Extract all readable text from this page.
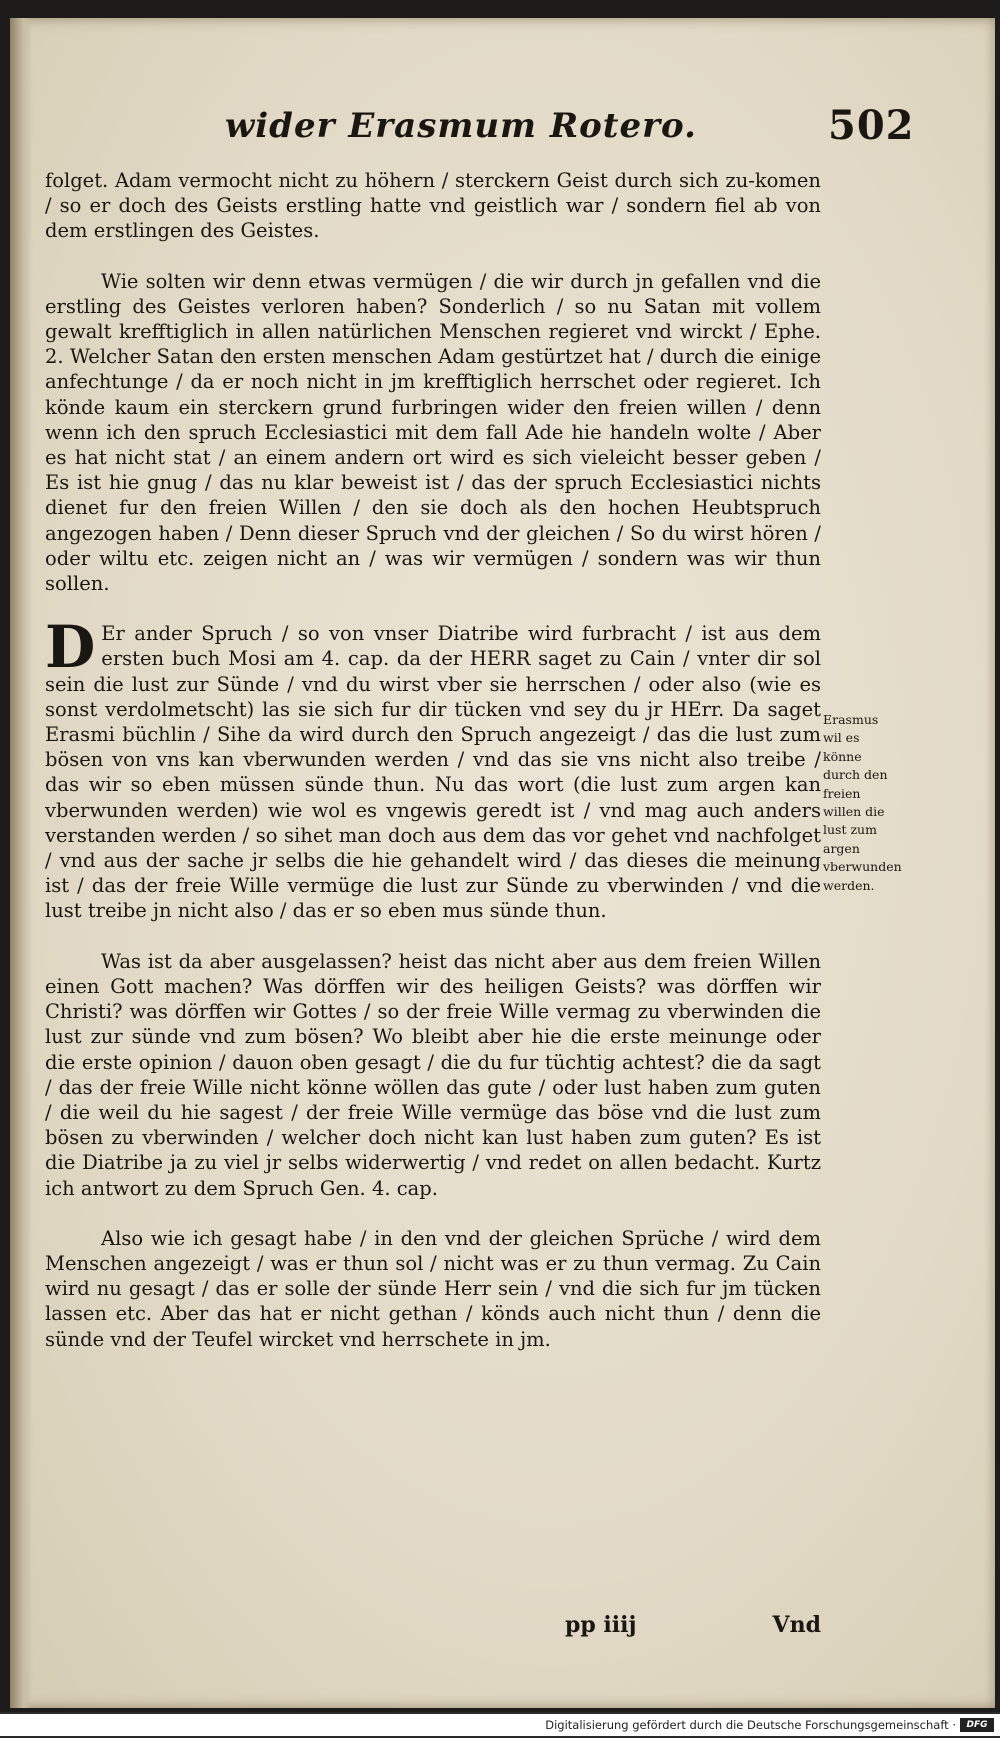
wider Erasmum Rotero.	502

folget. Adam vermocht nicht zu höhern / sterckern Geist durch sich zu-komen / so er doch des Geists erstling hatte vnd geistlich war / sondern fiel ab von dem erstlingen des Geistes.

Wie solten wir denn etwas vermügen / die wir durch jn gefallen vnd die erstling des Geistes verloren haben? Sonderlich / so nu Satan mit vollem gewalt krefftiglich in allen natürlichen Menschen regieret vnd wirckt / Ephe. 2. Welcher Satan den ersten menschen Adam gestürtzet hat / durch die einige anfechtunge / da er noch nicht in jm krefftiglich herrschet oder regieret. Ich könde kaum ein sterckern grund furbringen wider den freien willen / denn wenn ich den spruch Ecclesiastici mit dem fall Ade hie handeln wolte / Aber es hat nicht stat / an einem andern ort wird es sich vieleicht besser geben / Es ist hie gnug / das nu klar beweist ist / das der spruch Ecclesiastici nichts dienet fur den freien Willen / den sie doch als den hochen Heubtspruch angezogen haben / Denn dieser Spruch vnd der gleichen / So du wirst hören / oder wiltu etc. zeigen nicht an / was wir vermügen / sondern was wir thun sollen.

D Er ander Spruch / so von vnser Diatribe wird furbracht / ist aus dem ersten buch Mosi am 4. cap. da der HERR saget zu Cain / vnter dir sol sein die lust zur Sünde / vnd du wirst vber sie herrschen / oder also (wie es sonst verdolmetscht) las sie sich fur dir tücken vnd sey du jr HErr. Da saget Erasmi büchlin / Sihe da wird durch den Spruch angezeigt / das die lust zum bösen von vns kan vberwunden werden / vnd das sie vns nicht also treibe / das wir so eben müssen sünde thun. Nu das wort (die lust zum argen kan vberwunden werden) wie wol es vngewis geredt ist / vnd mag auch anders verstanden werden / so sihet man doch aus dem das vor gehet vnd nachfolget / vnd aus der sache jr selbs die hie gehandelt wird / das dieses die meinung ist / das der freie Wille vermüge die lust zur Sünde zu vberwinden / vnd die lust treibe jn nicht also / das er so eben mus sünde thun.

Was ist da aber ausgelassen? heist das nicht aber aus dem freien Willen einen Gott machen? Was dörffen wir des heiligen Geists? was dörffen wir Christi? was dörffen wir Gottes / so der freie Wille vermag zu vberwinden die lust zur sünde vnd zum bösen? Wo bleibt aber hie die erste meinunge oder die erste opinion / dauon oben gesagt / die du fur tüchtig achtest? die da sagt / das der freie Wille nicht könne wöllen das gute / oder lust haben zum guten / die weil du hie sagest / der freie Wille vermüge das böse vnd die lust zum bösen zu vberwinden / welcher doch nicht kan lust haben zum guten? Es ist die Diatribe ja zu viel jr selbs widerwertig / vnd redet on allen bedacht. Kurtz ich antwort zu dem Spruch Gen. 4. cap.

Also wie ich gesagt habe / in den vnd der gleichen Sprüche / wird dem Menschen angezeigt / was er thun sol / nicht was er zu thun vermag. Zu Cain wird nu gesagt / das er solle der sünde Herr sein / vnd die sich fur jm tücken lassen etc. Aber das hat er nicht gethan / könds auch nicht thun / denn die sünde vnd der Teufel wircket vnd herrschete in jm.

Erasmus wil es könne durch den freien willen die lust zum argen vberwunden werden.
pp iiij	Vnd
Digitalisierung gefördert durch die Deutsche Forschungsgemeinschaft ·	DFG
